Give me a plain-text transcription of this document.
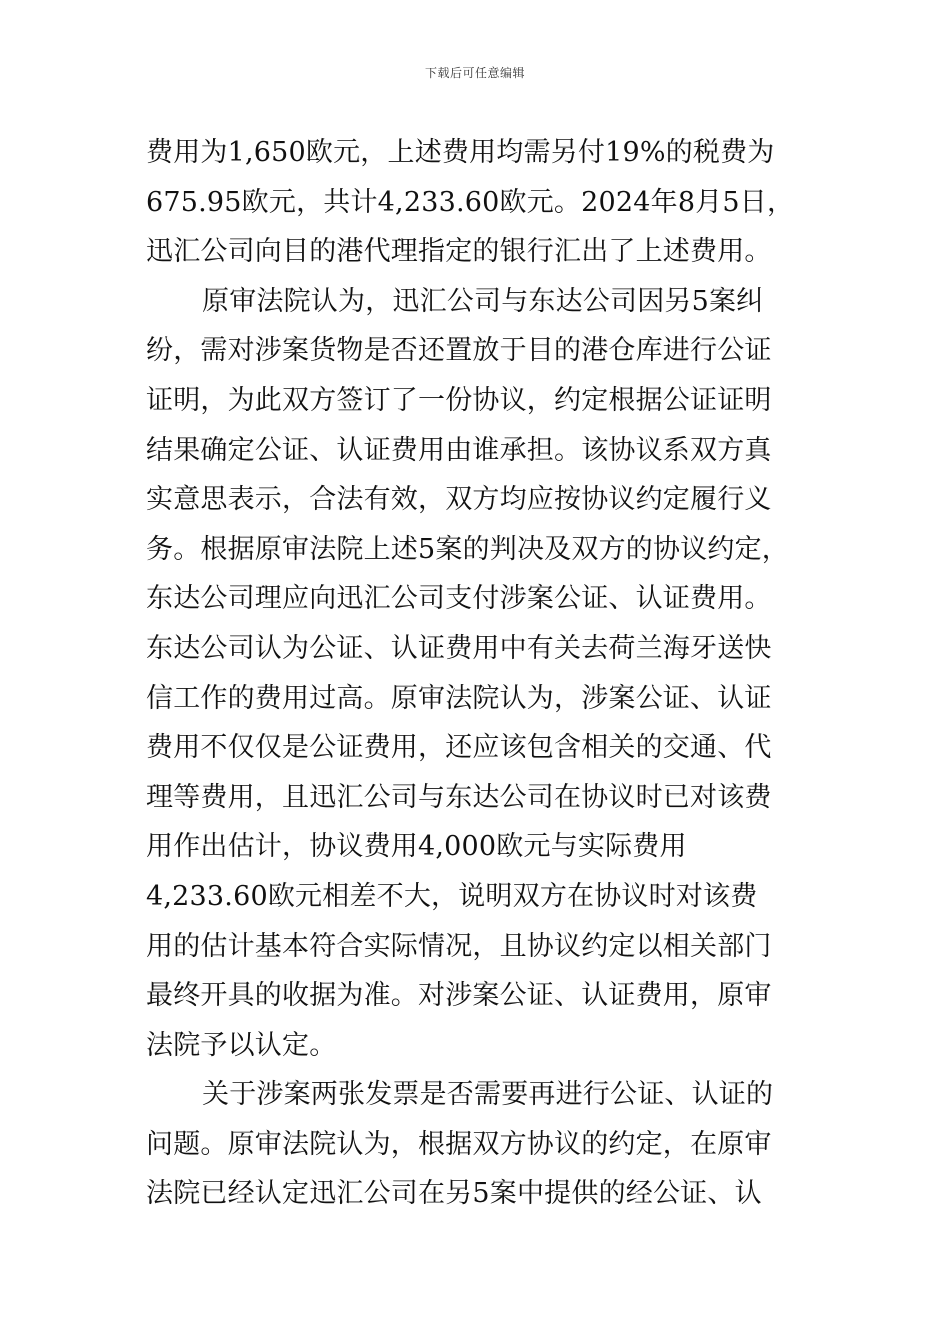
下载后可任意编辑
费用为1,650欧元，上述费用均需另付19%的税费为
675.95欧元，共计4,233.60欧元。2024年8月5日，
迅汇公司向目的港代理指定的银行汇出了上述费用。
原审法院认为，迅汇公司与东达公司因另5案纠
纷，需对涉案货物是否还置放于目的港仓库进行公证
证明，为此双方签订了一份协议，约定根据公证证明
结果确定公证、认证费用由谁承担。该协议系双方真
实意思表示，合法有效，双方均应按协议约定履行义
务。根据原审法院上述5案的判决及双方的协议约定，
东达公司理应向迅汇公司支付涉案公证、认证费用。
东达公司认为公证、认证费用中有关去荷兰海牙送快
信工作的费用过高。原审法院认为，涉案公证、认证
费用不仅仅是公证费用，还应该包含相关的交通、代
理等费用，且迅汇公司与东达公司在协议时已对该费
用作出估计，协议费用4,000欧元与实际费用
4,233.60欧元相差不大，说明双方在协议时对该费
用的估计基本符合实际情况，且协议约定以相关部门
最终开具的收据为准。对涉案公证、认证费用，原审
法院予以认定。
关于涉案两张发票是否需要再进行公证、认证的
问题。原审法院认为，根据双方协议的约定，在原审
法院已经认定迅汇公司在另5案中提供的经公证、认
